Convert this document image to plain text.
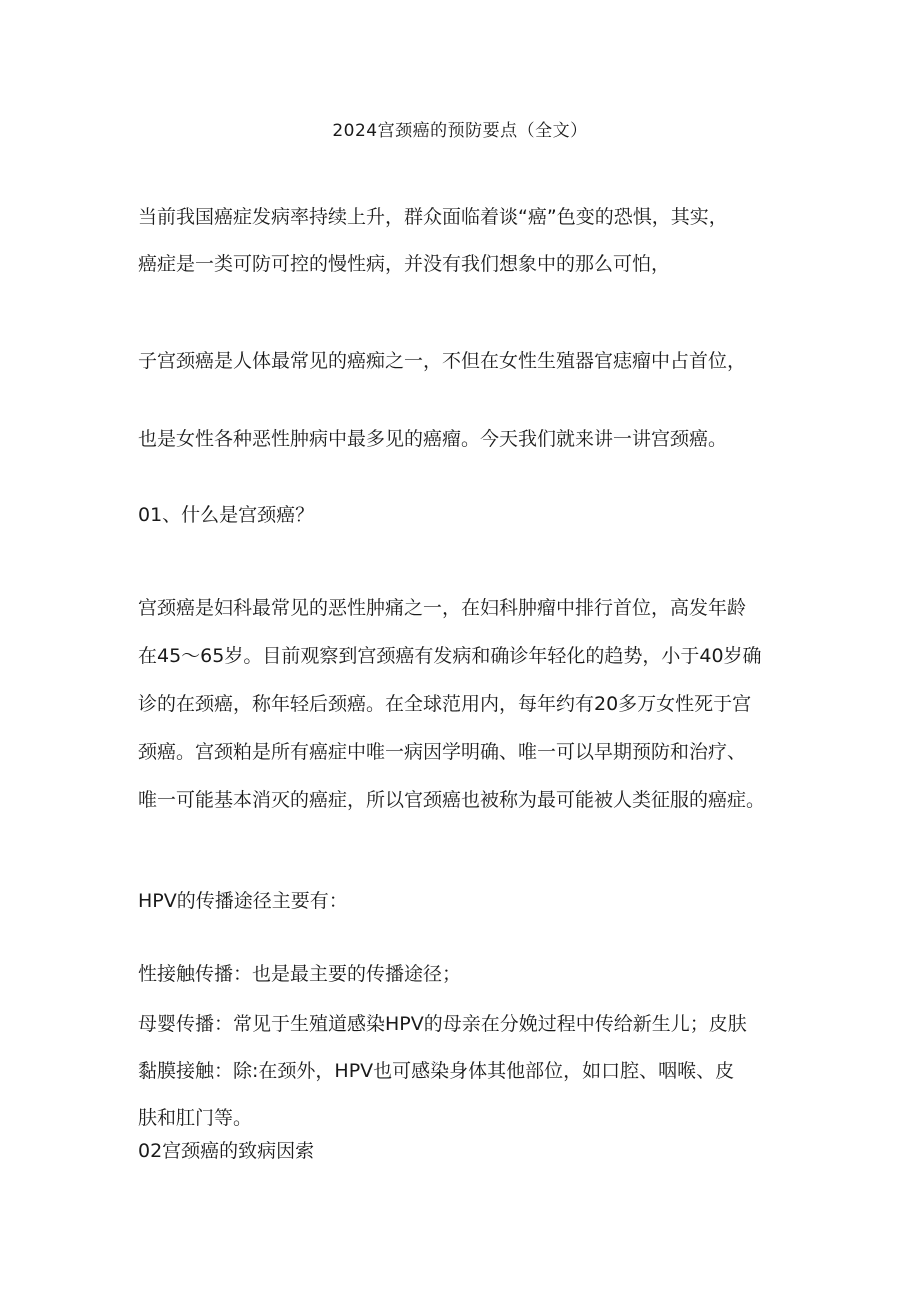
2024宫颈癌的预防要点（全文）
当前我国癌症发病率持续上升，群众面临着谈“癌”色变的恐惧，其实，
癌症是一类可防可控的慢性病，并没有我们想象中的那么可怕，
子宫颈癌是人体最常见的癌痴之一，不但在女性生殖器官痣瘤中占首位，
也是女性各种恶性肿病中最多见的癌瘤。今天我们就来讲一讲宫颈癌。
01、什么是宫颈癌？
宫颈癌是妇科最常见的恶性肿痛之一，在妇科肿瘤中排行首位，高发年龄
在45～65岁。目前观察到宫颈癌有发病和确诊年轻化的趋势，小于40岁确
诊的在颈癌，称年轻后颈癌。在全球范用内，每年约有20多万女性死于宫
颈癌。宫颈粕是所有癌症中唯一病因学明确、唯一可以早期预防和治疗、
唯一可能基本消灭的癌症，所以官颈癌也被称为最可能被人类征服的癌症。
HPV的传播途径主要有：
性接触传播：也是最主要的传播途径；
母婴传播：常见于生殖道感染HPV的母亲在分娩过程中传给新生儿；皮肤
黏膜接触：除:在颈外，HPV也可感染身体其他部位，如口腔、咽喉、皮
肤和肛门等。
02宫颈癌的致病因索
